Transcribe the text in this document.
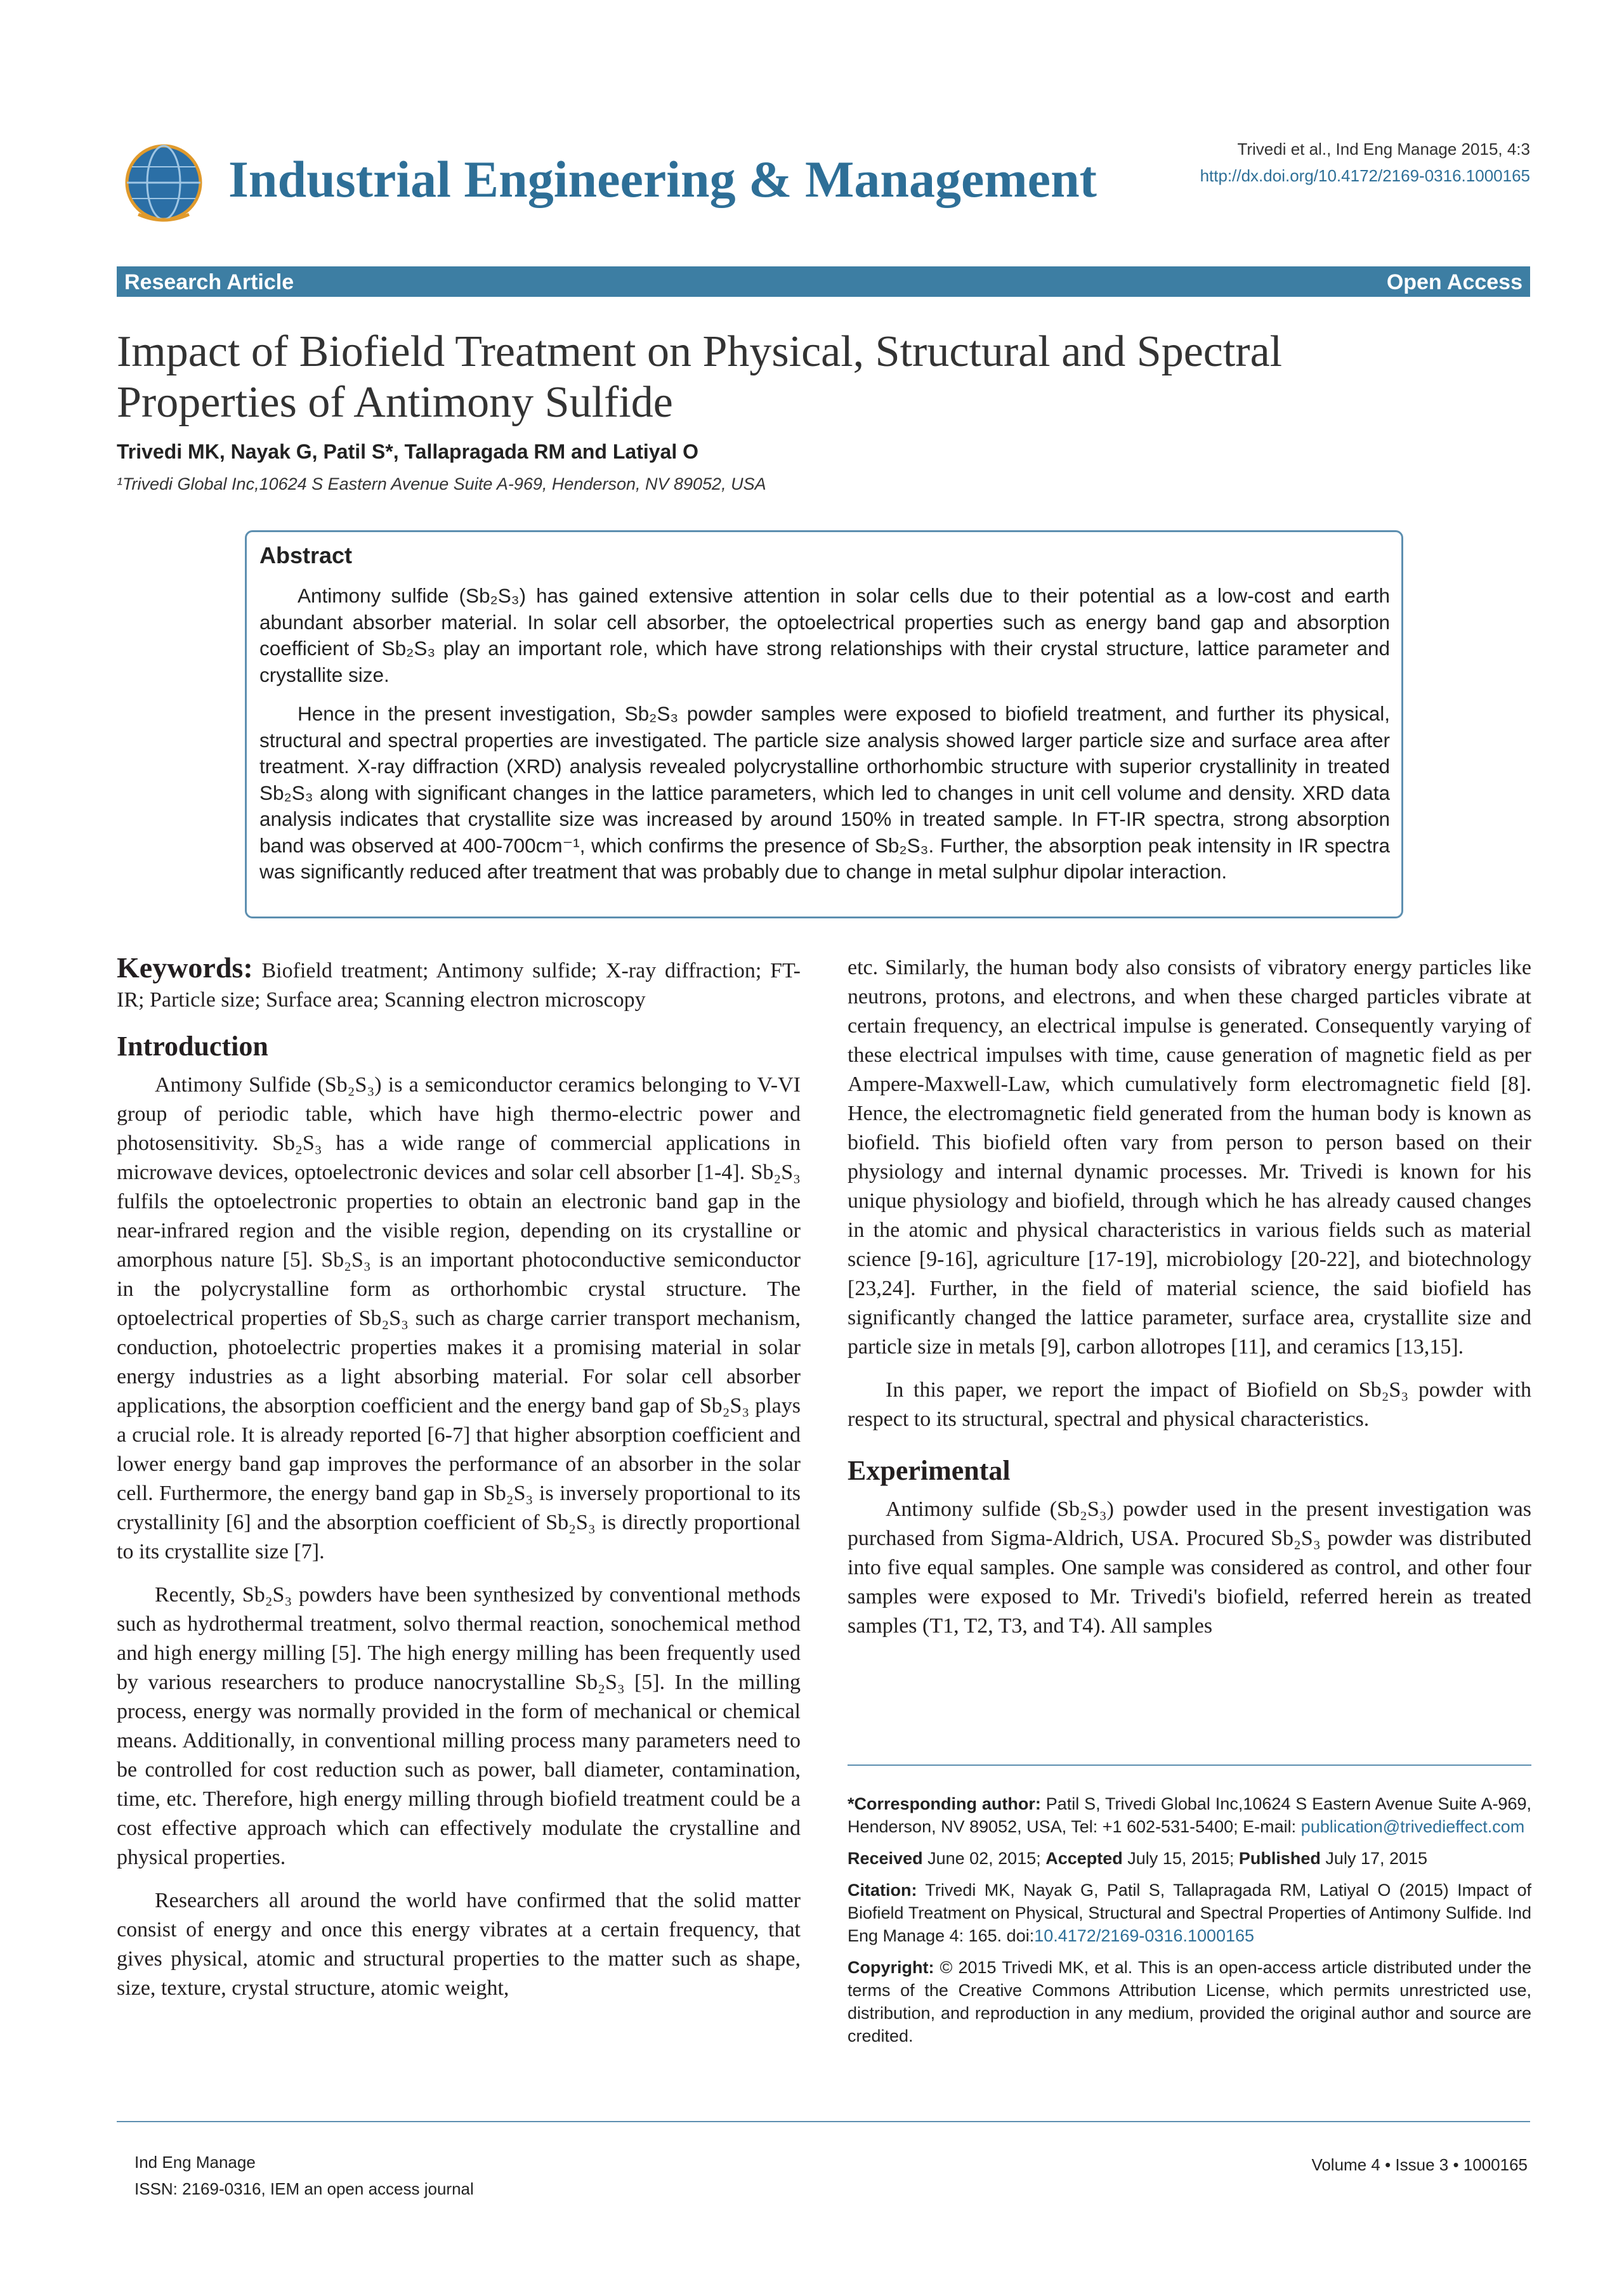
Industrial Engineering & Management
Trivedi et al., Ind Eng Manage 2015, 4:3
http://dx.doi.org/10.4172/2169-0316.1000165
Research Article	Open Access
Impact of Biofield Treatment on Physical, Structural and Spectral Properties of Antimony Sulfide
Trivedi MK, Nayak G, Patil S*, Tallapragada RM and Latiyal O
¹Trivedi Global Inc,10624 S Eastern Avenue Suite A-969, Henderson, NV 89052, USA
Abstract

Antimony sulfide (Sb₂S₃) has gained extensive attention in solar cells due to their potential as a low-cost and earth abundant absorber material. In solar cell absorber, the optoelectrical properties such as energy band gap and absorption coefficient of Sb₂S₃ play an important role, which have strong relationships with their crystal structure, lattice parameter and crystallite size.

Hence in the present investigation, Sb₂S₃ powder samples were exposed to biofield treatment, and further its physical, structural and spectral properties are investigated. The particle size analysis showed larger particle size and surface area after treatment. X-ray diffraction (XRD) analysis revealed polycrystalline orthorhombic structure with superior crystallinity in treated Sb₂S₃ along with significant changes in the lattice parameters, which led to changes in unit cell volume and density. XRD data analysis indicates that crystallite size was increased by around 150% in treated sample. In FT-IR spectra, strong absorption band was observed at 400-700cm⁻¹, which confirms the presence of Sb₂S₃. Further, the absorption peak intensity in IR spectra was significantly reduced after treatment that was probably due to change in metal sulphur dipolar interaction.

Keywords: Biofield treatment; Antimony sulfide; X-ray diffraction; FT-IR; Particle size; Surface area; Scanning electron microscopy

Introduction

Antimony Sulfide (Sb₂S₃) is a semiconductor ceramics belonging to V-VI group of periodic table, which have high thermo-electric power and photosensitivity. Sb₂S₃ has a wide range of commercial applications in microwave devices, optoelectronic devices and solar cell absorber [1-4]. Sb₂S₃ fulfils the optoelectronic properties to obtain an electronic band gap in the near-infrared region and the visible region, depending on its crystalline or amorphous nature [5]. Sb₂S₃ is an important photoconductive semiconductor in the polycrystalline form as orthorhombic crystal structure. The optoelectrical properties of Sb₂S₃ such as charge carrier transport mechanism, conduction, photoelectric properties makes it a promising material in solar energy industries as a light absorbing material. For solar cell absorber applications, the absorption coefficient and the energy band gap of Sb₂S₃ plays a crucial role. It is already reported [6-7] that higher absorption coefficient and lower energy band gap improves the performance of an absorber in the solar cell. Furthermore, the energy band gap in Sb₂S₃ is inversely proportional to its crystallinity [6] and the absorption coefficient of Sb₂S₃ is directly proportional to its crystallite size [7].

Recently, Sb₂S₃ powders have been synthesized by conventional methods such as hydrothermal treatment, solvo thermal reaction, sonochemical method and high energy milling [5]. The high energy milling has been frequently used by various researchers to produce nanocrystalline Sb₂S₃ [5]. In the milling process, energy was normally provided in the form of mechanical or chemical means. Additionally, in conventional milling process many parameters need to be controlled for cost reduction such as power, ball diameter, contamination, time, etc. Therefore, high energy milling through biofield treatment could be a cost effective approach which can effectively modulate the crystalline and physical properties.

Researchers all around the world have confirmed that the solid matter consist of energy and once this energy vibrates at a certain frequency, that gives physical, atomic and structural properties to the matter such as shape, size, texture, crystal structure, atomic weight,

etc. Similarly, the human body also consists of vibratory energy particles like neutrons, protons, and electrons, and when these charged particles vibrate at certain frequency, an electrical impulse is generated. Consequently varying of these electrical impulses with time, cause generation of magnetic field as per Ampere-Maxwell-Law, which cumulatively form electromagnetic field [8]. Hence, the electromagnetic field generated from the human body is known as biofield. This biofield often vary from person to person based on their physiology and internal dynamic processes. Mr. Trivedi is known for his unique physiology and biofield, through which he has already caused changes in the atomic and physical characteristics in various fields such as material science [9-16], agriculture [17-19], microbiology [20-22], and biotechnology [23,24]. Further, in the field of material science, the said biofield has significantly changed the lattice parameter, surface area, crystallite size and particle size in metals [9], carbon allotropes [11], and ceramics [13,15].

In this paper, we report the impact of Biofield on Sb₂S₃ powder with respect to its structural, spectral and physical characteristics.

Experimental

Antimony sulfide (Sb₂S₃) powder used in the present investigation was purchased from Sigma-Aldrich, USA. Procured Sb₂S₃ powder was distributed into five equal samples. One sample was considered as control, and other four samples were exposed to Mr. Trivedi's biofield, referred herein as treated samples (T1, T2, T3, and T4). All samples

*Corresponding author: Patil S, Trivedi Global Inc,10624 S Eastern Avenue Suite A-969, Henderson, NV 89052, USA, Tel: +1 602-531-5400; E-mail: publication@trivedieffect.com

Received June 02, 2015; Accepted July 15, 2015; Published July 17, 2015

Citation: Trivedi MK, Nayak G, Patil S, Tallapragada RM, Latiyal O (2015) Impact of Biofield Treatment on Physical, Structural and Spectral Properties of Antimony Sulfide. Ind Eng Manage 4: 165. doi:10.4172/2169-0316.1000165

Copyright: © 2015 Trivedi MK, et al. This is an open-access article distributed under the terms of the Creative Commons Attribution License, which permits unrestricted use, distribution, and reproduction in any medium, provided the original author and source are credited.

Ind Eng Manage
ISSN: 2169-0316, IEM an open access journal
Volume 4 • Issue 3 • 1000165
